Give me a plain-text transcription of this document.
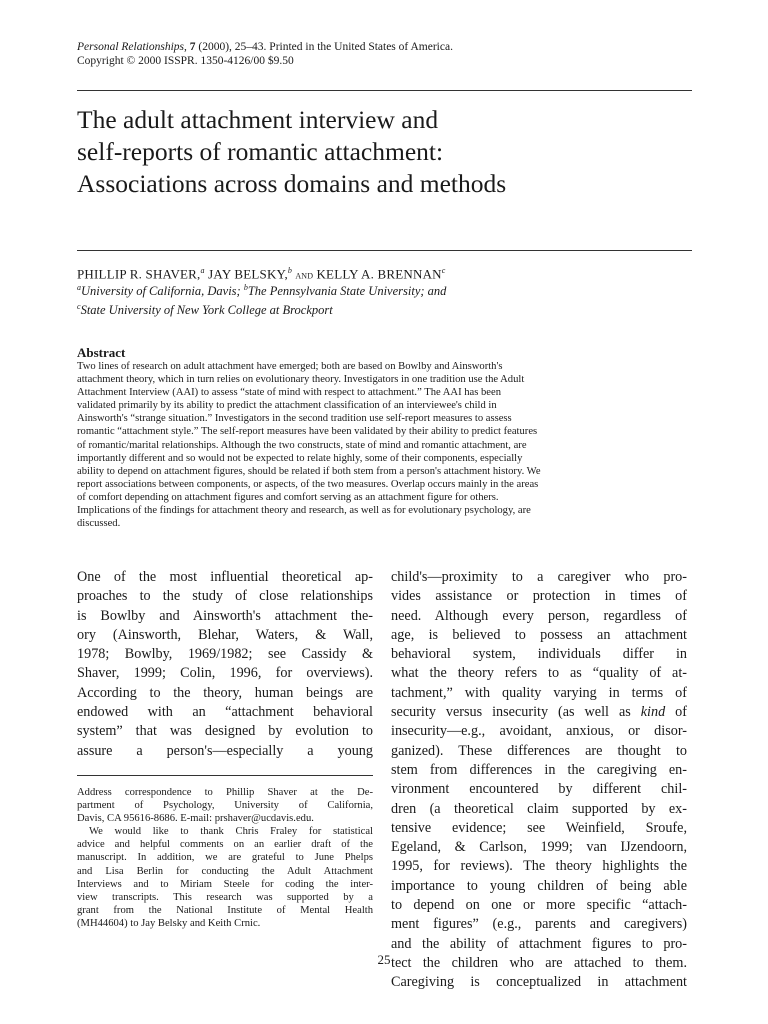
Personal Relationships, 7 (2000), 25–43. Printed in the United States of America.
Copyright © 2000 ISSPR. 1350-4126/00 $9.50
The adult attachment interview and
self-reports of romantic attachment:
Associations across domains and methods
PHILLIP R. SHAVER,$^a$ JAY BELSKY,$^b$ and KELLY A. BRENNAN$^c$
$^a$University of California, Davis; $^b$The Pennsylvania State University; and
$^c$State University of New York College at Brockport
Abstract
Two lines of research on adult attachment have emerged; both are based on Bowlby and Ainsworth's
attachment theory, which in turn relies on evolutionary theory. Investigators in one tradition use the Adult
Attachment Interview (AAI) to assess “state of mind with respect to attachment.” The AAI has been
validated primarily by its ability to predict the attachment classification of an interviewee's child in
Ainsworth's “strange situation.” Investigators in the second tradition use self-report measures to assess
romantic “attachment style.” The self-report measures have been validated by their ability to predict features
of romantic/marital relationships. Although the two constructs, state of mind and romantic attachment, are
importantly different and so would not be expected to relate highly, some of their components, especially
ability to depend on attachment figures, should be related if both stem from a person's attachment history. We
report associations between components, or aspects, of the two measures. Overlap occurs mainly in the areas
of comfort depending on attachment figures and comfort serving as an attachment figure for others.
Implications of the findings for attachment theory and research, as well as for evolutionary psychology, are
discussed.
One of the most influential theoretical ap-
proaches to the study of close relationships
is Bowlby and Ainsworth's attachment the-
ory (Ainsworth, Blehar, Waters, & Wall,
1978; Bowlby, 1969/1982; see Cassidy &
Shaver, 1999; Colin, 1996, for overviews).
According to the theory, human beings are
endowed with an “attachment behavioral
system” that was designed by evolution to
assure a person's—especially a young
child's—proximity to a caregiver who pro-
vides assistance or protection in times of
need. Although every person, regardless of
age, is believed to possess an attachment
behavioral system, individuals differ in
what the theory refers to as “quality of at-
tachment,” with quality varying in terms of
security versus insecurity (as well as kind of
insecurity—e.g., avoidant, anxious, or disor-
ganized). These differences are thought to
stem from differences in the caregiving en-
vironment encountered by different chil-
dren (a theoretical claim supported by ex-
tensive evidence; see Weinfield, Sroufe,
Egeland, & Carlson, 1999; van IJzendoorn,
1995, for reviews). The theory highlights the
importance to young children of being able
to depend on one or more specific “attach-
ment figures” (e.g., parents and caregivers)
and the ability of attachment figures to pro-
tect the children who are attached to them.
Caregiving is conceptualized in attachment
Address correspondence to Phillip Shaver at the De-
partment of Psychology, University of California,
Davis, CA 95616-8686. E-mail: prshaver@ucdavis.edu.
We would like to thank Chris Fraley for statistical
advice and helpful comments on an earlier draft of the
manuscript. In addition, we are grateful to June Phelps
and Lisa Berlin for conducting the Adult Attachment
Interviews and to Miriam Steele for coding the inter-
view transcripts. This research was supported by a
grant from the National Institute of Mental Health
(MH44604) to Jay Belsky and Keith Crnic.
25
